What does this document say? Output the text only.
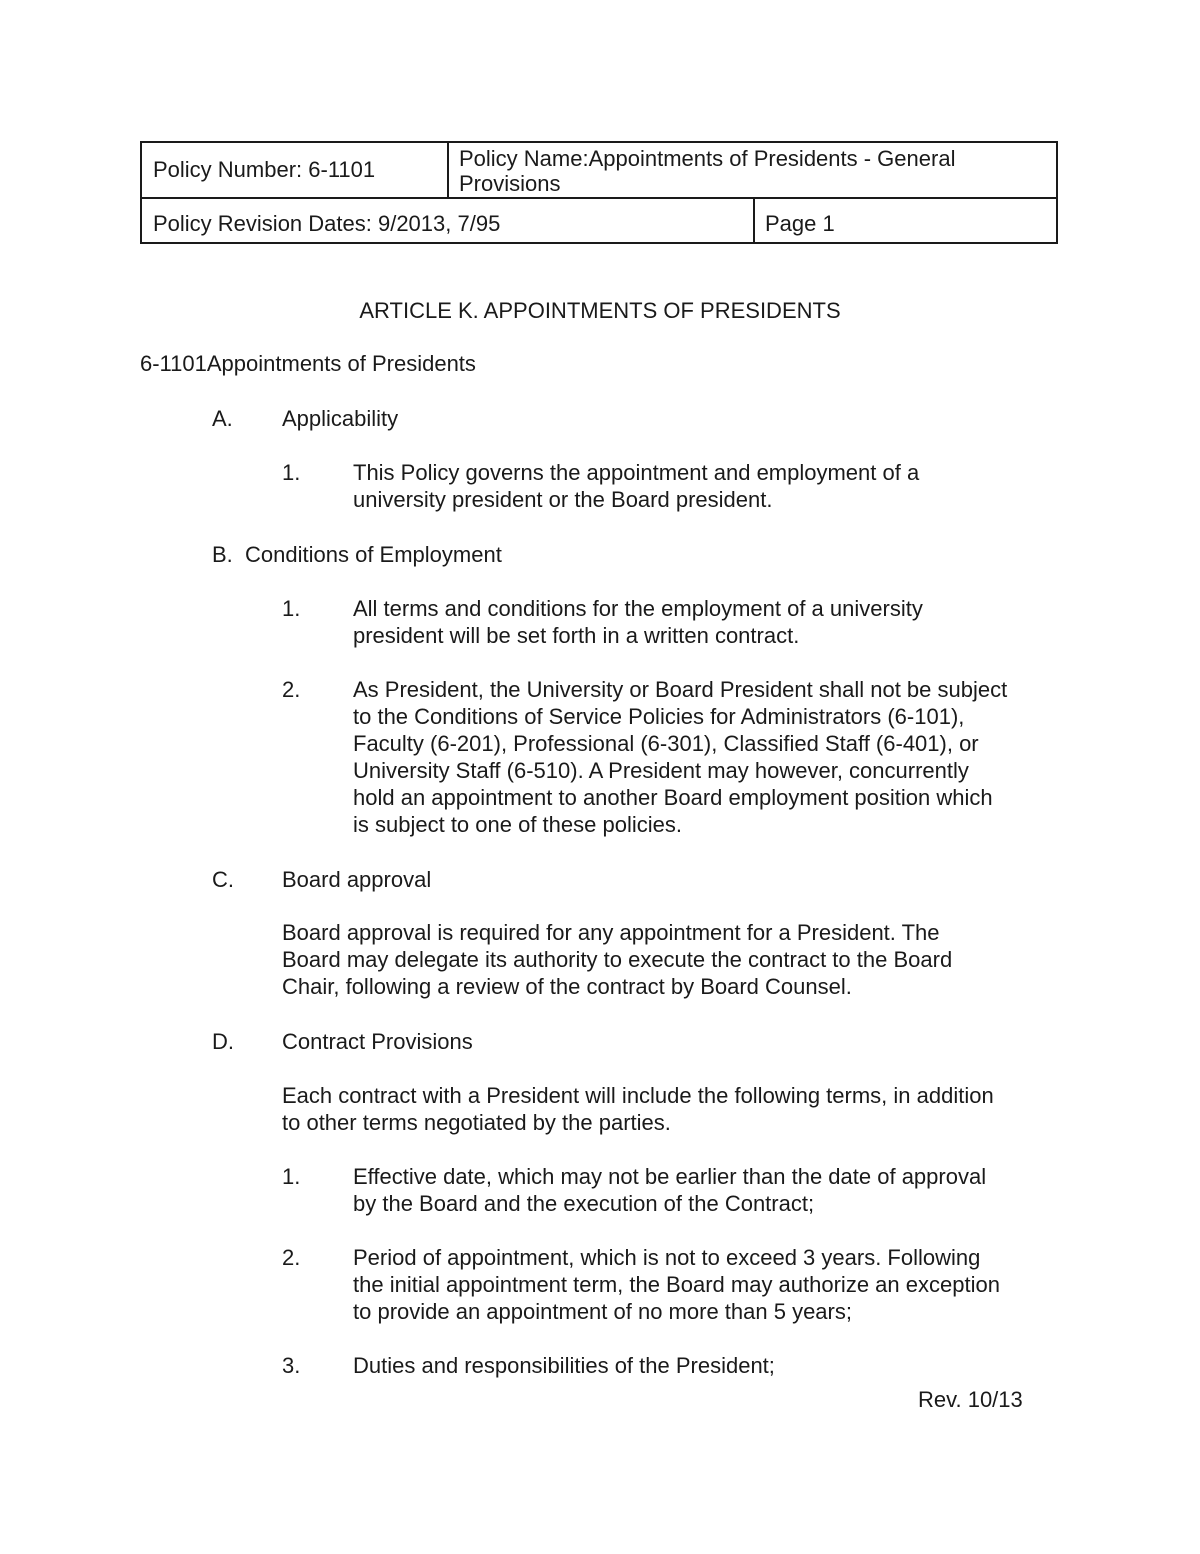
Policy Number: 6-1101	Policy Name:Appointments of Presidents - General
Provisions
Policy Revision Dates: 9/2013, 7/95	Page 1
ARTICLE K. APPOINTMENTS OF PRESIDENTS
6-1101Appointments of Presidents
A. Applicability
1. This Policy governs the appointment and employment of a
university president or the Board president.
B. Conditions of Employment
1. All terms and conditions for the employment of a university
president will be set forth in a written contract.
2. As President, the University or Board President shall not be subject
to the Conditions of Service Policies for Administrators (6-101),
Faculty (6-201), Professional (6-301), Classified Staff (6-401), or
University Staff (6-510). A President may however, concurrently
hold an appointment to another Board employment position which
is subject to one of these policies.
C. Board approval
Board approval is required for any appointment for a President. The
Board may delegate its authority to execute the contract to the Board
Chair, following a review of the contract by Board Counsel.
D. Contract Provisions
Each contract with a President will include the following terms, in addition
to other terms negotiated by the parties.
1. Effective date, which may not be earlier than the date of approval
by the Board and the execution of the Contract;
2. Period of appointment, which is not to exceed 3 years. Following
the initial appointment term, the Board may authorize an exception
to provide an appointment of no more than 5 years;
3. Duties and responsibilities of the President;
Rev. 10/13
